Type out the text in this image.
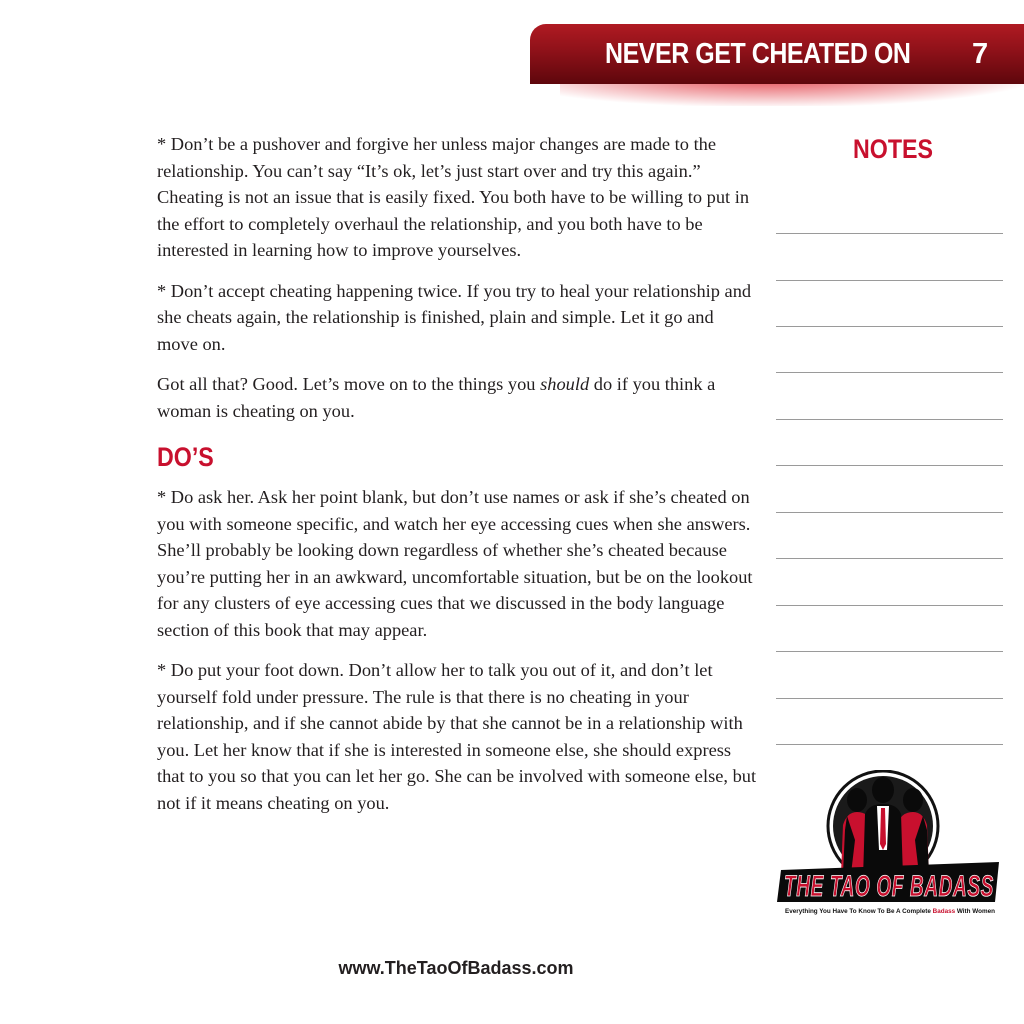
NEVER GET CHEATED ON 7

* Don’t be a pushover and forgive her unless major changes are made to the relationship. You can’t say “It’s ok, let’s just start over and try this again.” Cheating is not an issue that is easily fixed. You both have to be willing to put in the effort to completely overhaul the relationship, and you both have to be interested in learning how to improve yourselves.

* Don’t accept cheating happening twice. If you try to heal your relationship and she cheats again, the relationship is finished, plain and simple. Let it go and move on.

Got all that? Good. Let’s move on to the things you should do if you think a woman is cheating on you.

DO’S

* Do ask her. Ask her point blank, but don’t use names or ask if she’s cheated on you with someone specific, and watch her eye accessing cues when she answers. She’ll probably be looking down regardless of whether she’s cheated because you’re putting her in an awkward, uncomfortable situation, but be on the lookout for any clusters of eye accessing cues that we discussed in the body language section of this book that may appear.

* Do put your foot down. Don’t allow her to talk you out of it, and don’t let yourself fold under pressure. The rule is that there is no cheating in your relationship, and if she cannot abide by that she cannot be in a relationship with you. Let her know that if she is interested in someone else, she should express that to you so that you can let her go. She can be involved with someone else, but not if it means cheating on you.

NOTES
THE TAO OF BADASS
Everything You Have To Know To Be A Complete Badass With Women
www.TheTaoOfBadass.com
